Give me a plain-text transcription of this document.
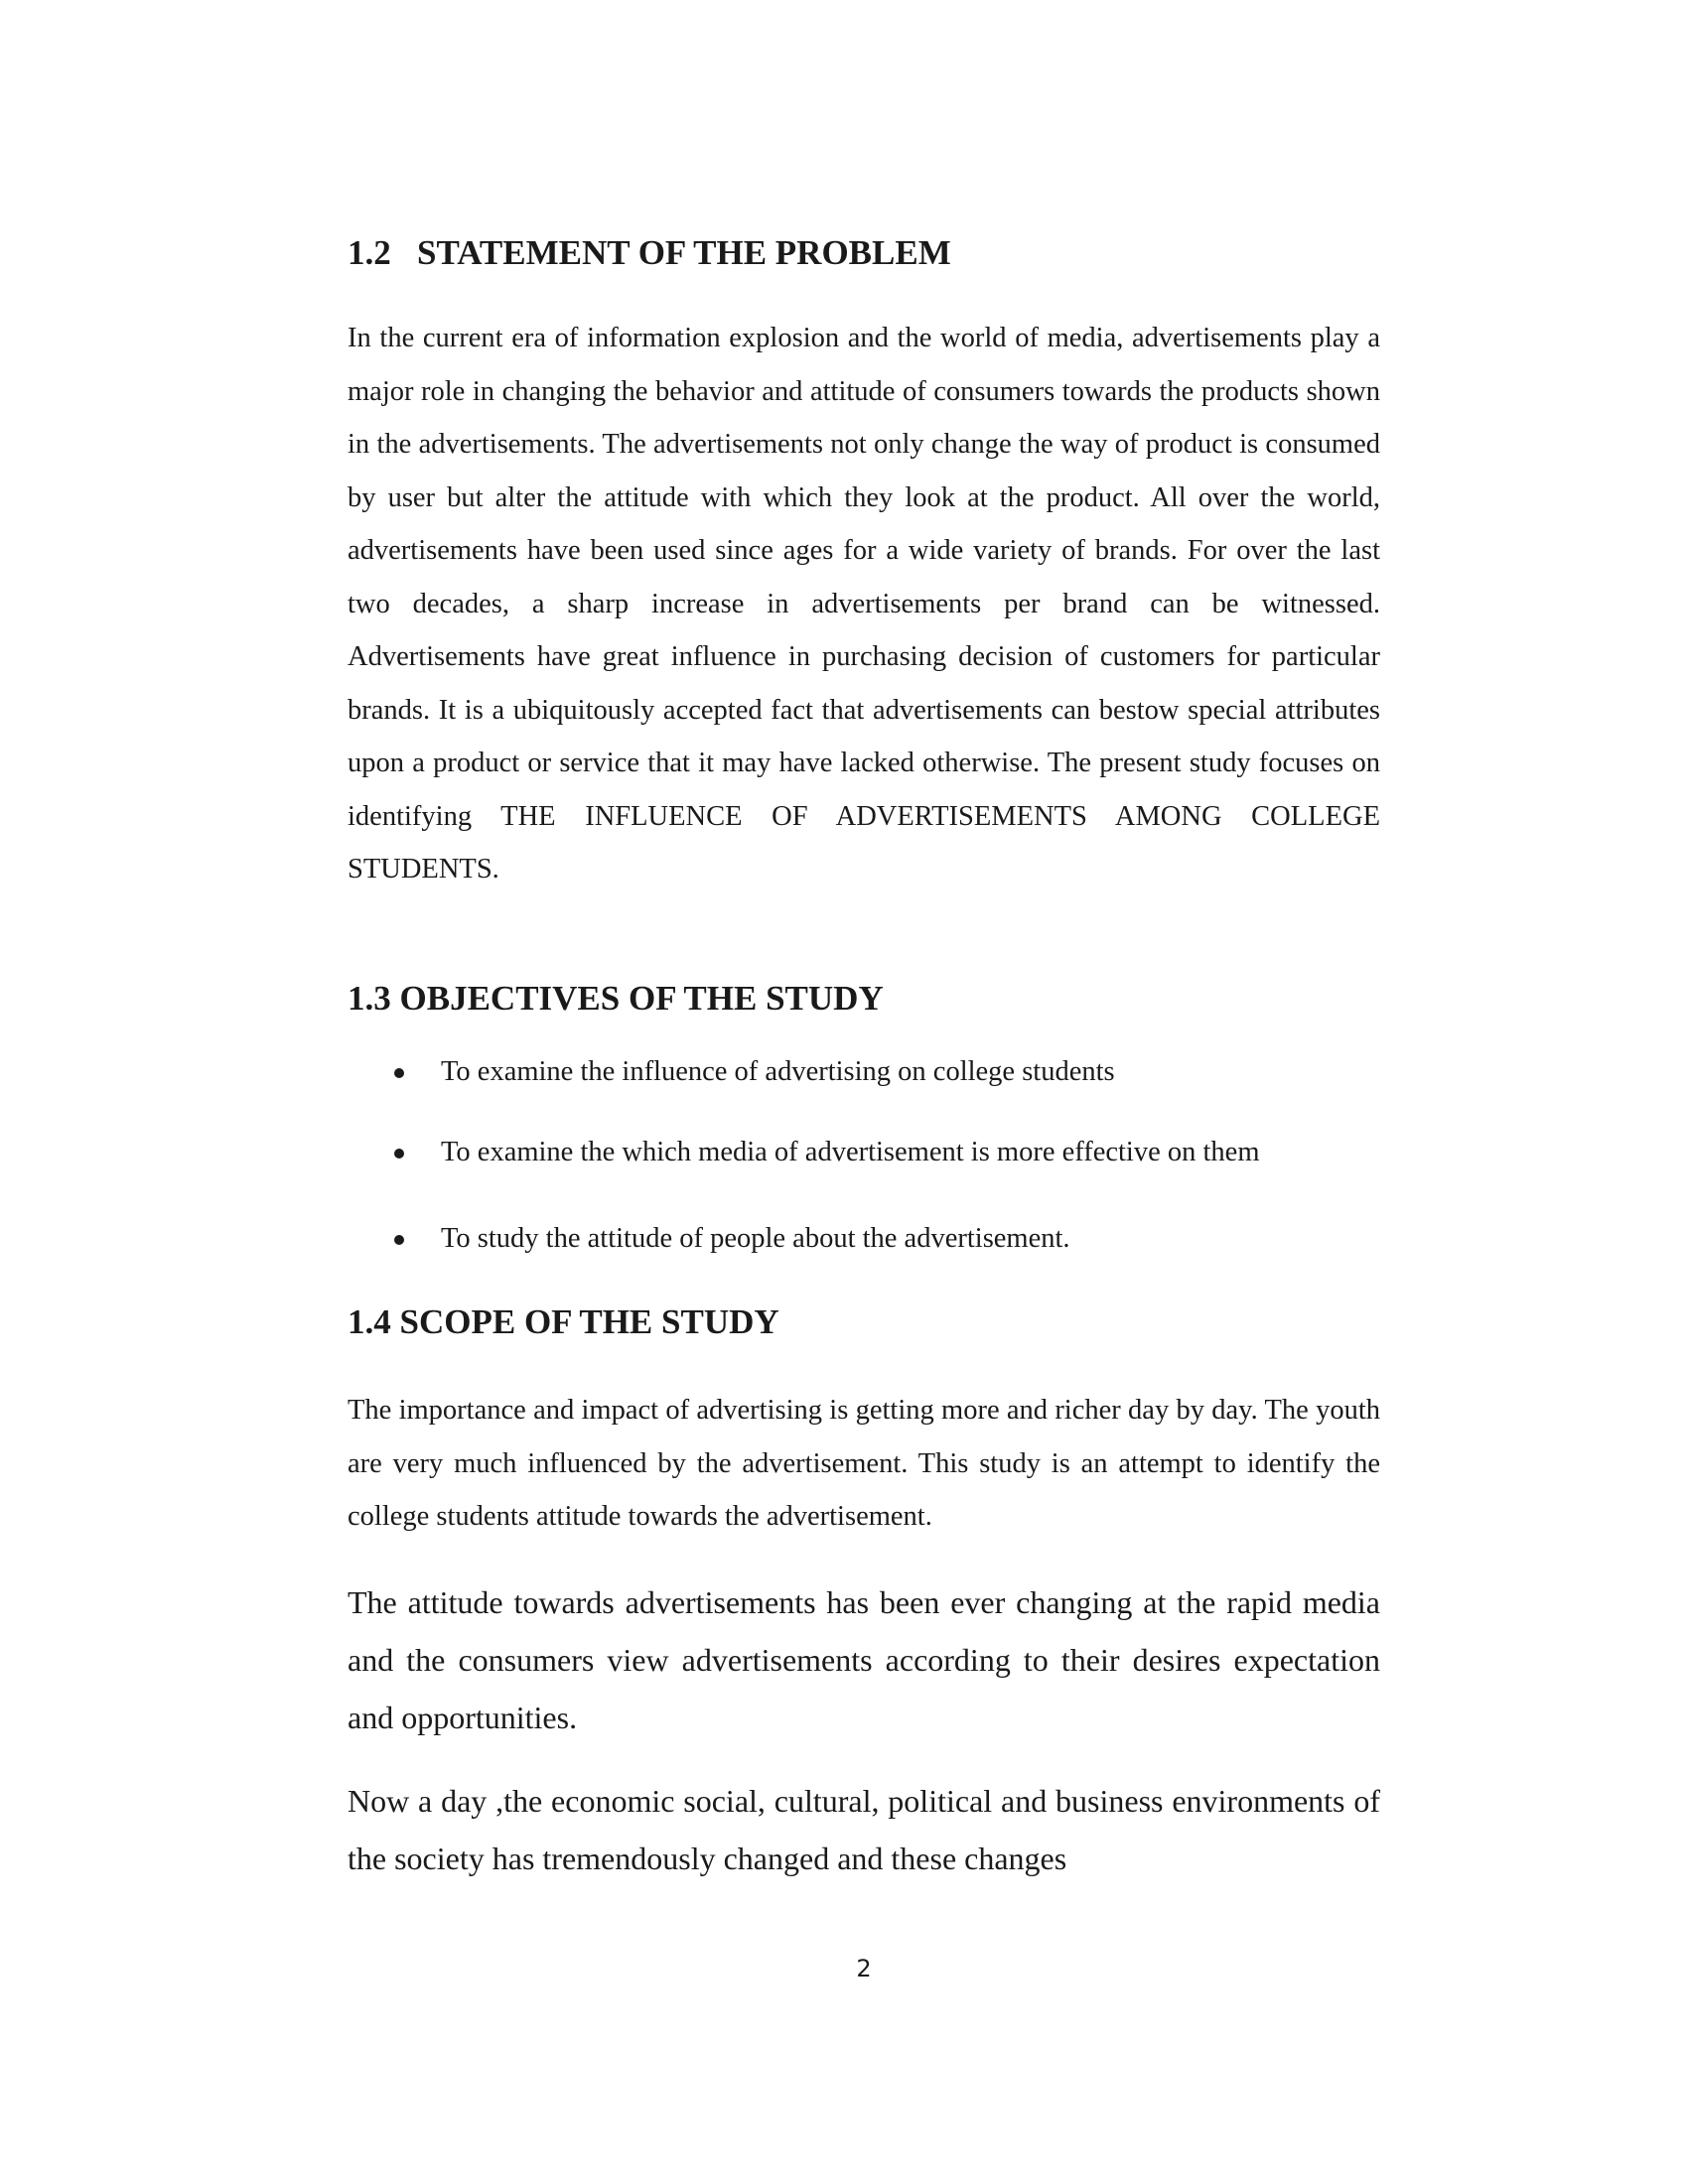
1.2   STATEMENT OF THE PROBLEM

In the current era of information explosion and the world of media, advertisements play a major role in changing the behavior and attitude of consumers towards the products shown in the advertisements. The advertisements not only change the way of product is consumed by user but alter the attitude with which they look at the product. All over the world, advertisements have been used since ages for a wide variety of brands. For over the last two decades, a sharp increase in advertisements per brand can be witnessed. Advertisements have great influence in purchasing decision of customers for particular brands. It is a ubiquitously accepted fact that advertisements can bestow special attributes upon a product or service that it may have lacked otherwise. The present study focuses on identifying THE INFLUENCE OF ADVERTISEMENTS AMONG COLLEGE STUDENTS.

1.3 OBJECTIVES OF THE STUDY
To examine the influence of advertising on college students
To examine the which media of advertisement is more effective on them
To study the attitude of people about the advertisement.
1.4 SCOPE OF THE STUDY

The importance and impact of advertising is getting more and richer day by day. The youth are very much influenced by the advertisement. This study is an attempt to identify the college students attitude towards the advertisement.

The attitude towards advertisements has been ever changing at the rapid media and the consumers view advertisements according to their desires expectation and opportunities.

Now a day ,the economic social, cultural, political and business environments of the society has tremendously changed and these changes

2
